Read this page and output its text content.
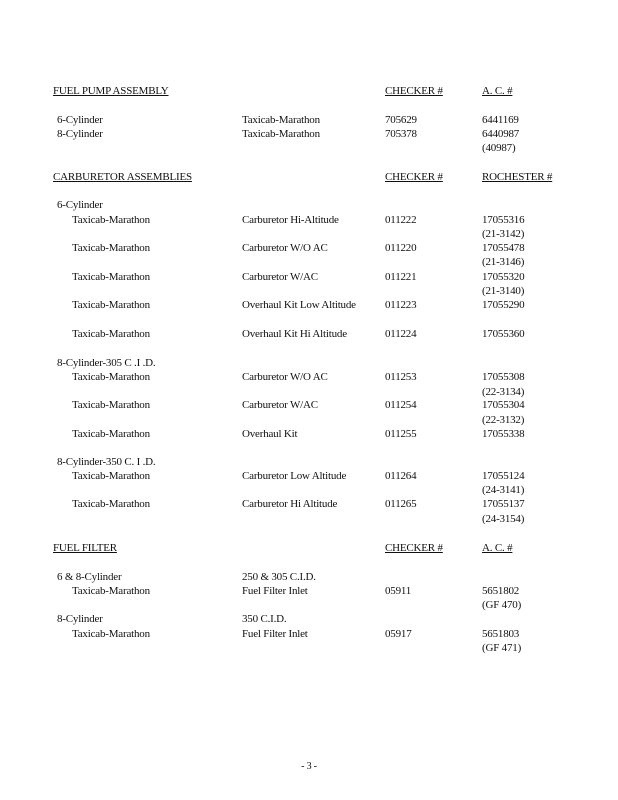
FUEL PUMP ASSEMBLY	CHECKER #	A. C. #
6-Cylinder	Taxicab-Marathon	705629	6441169
8-Cylinder	Taxicab-Marathon	705378	6440987
(40987)
CARBURETOR ASSEMBLIES	CHECKER #	ROCHESTER #
6-Cylinder
Taxicab-Marathon	Carburetor Hi-Altitude	011222	17055316
(21-3142)
Taxicab-Marathon	Carburetor W/O AC	011220	17055478
(21-3146)
Taxicab-Marathon	Carburetor W/AC	011221	17055320
(21-3140)
Taxicab-Marathon	Overhaul Kit Low Altitude	011223	17055290
Taxicab-Marathon	Overhaul Kit Hi Altitude	011224	17055360
8-Cylinder-305 C .I .D.
Taxicab-Marathon	Carburetor W/O AC	011253	17055308
(22-3134)
Taxicab-Marathon	Carburetor W/AC	011254	17055304
(22-3132)
Taxicab-Marathon	Overhaul Kit	011255	17055338
8-Cylinder-350 C. I .D.
Taxicab-Marathon	Carburetor Low Altitude	011264	17055124
(24-3141)
Taxicab-Marathon	Carburetor Hi Altitude	011265	17055137
(24-3154)
FUEL FILTER	CHECKER #	A. C. #
6 & 8-Cylinder	250 & 305 C.I.D.
Taxicab-Marathon	Fuel Filter Inlet	05911	5651802
(GF 470)
8-Cylinder	350 C.I.D.
Taxicab-Marathon	Fuel Filter Inlet	05917	5651803
(GF 471)
- 3 -
